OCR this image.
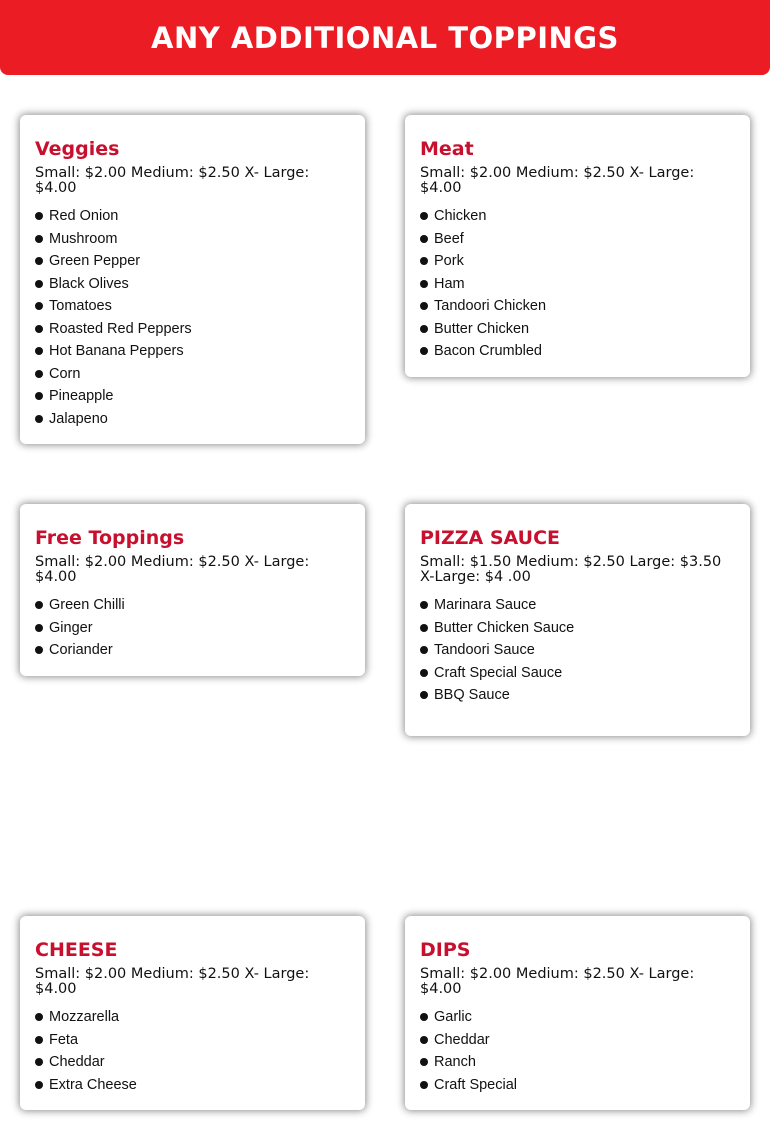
ANY ADDITIONAL TOPPINGS
Veggies
Small: $2.00 Medium: $2.50 X- Large: $4.00
Red Onion
Mushroom
Green Pepper
Black Olives
Tomatoes
Roasted Red Peppers
Hot Banana Peppers
Corn
Pineapple
Jalapeno
Meat
Small: $2.00 Medium: $2.50 X- Large: $4.00
Chicken
Beef
Pork
Ham
Tandoori Chicken
Butter Chicken
Bacon Crumbled
Free Toppings
Small: $2.00 Medium: $2.50 X- Large: $4.00
Green Chilli
Ginger
Coriander
PIZZA SAUCE
Small: $1.50 Medium: $2.50 Large: $3.50 X-Large: $4 .00
Marinara Sauce
Butter Chicken Sauce
Tandoori Sauce
Craft Special Sauce
BBQ Sauce
CHEESE
Small: $2.00 Medium: $2.50 X- Large: $4.00
Mozzarella
Feta
Cheddar
Extra Cheese
DIPS
Small: $2.00 Medium: $2.50 X- Large: $4.00
Garlic
Cheddar
Ranch
Craft Special
